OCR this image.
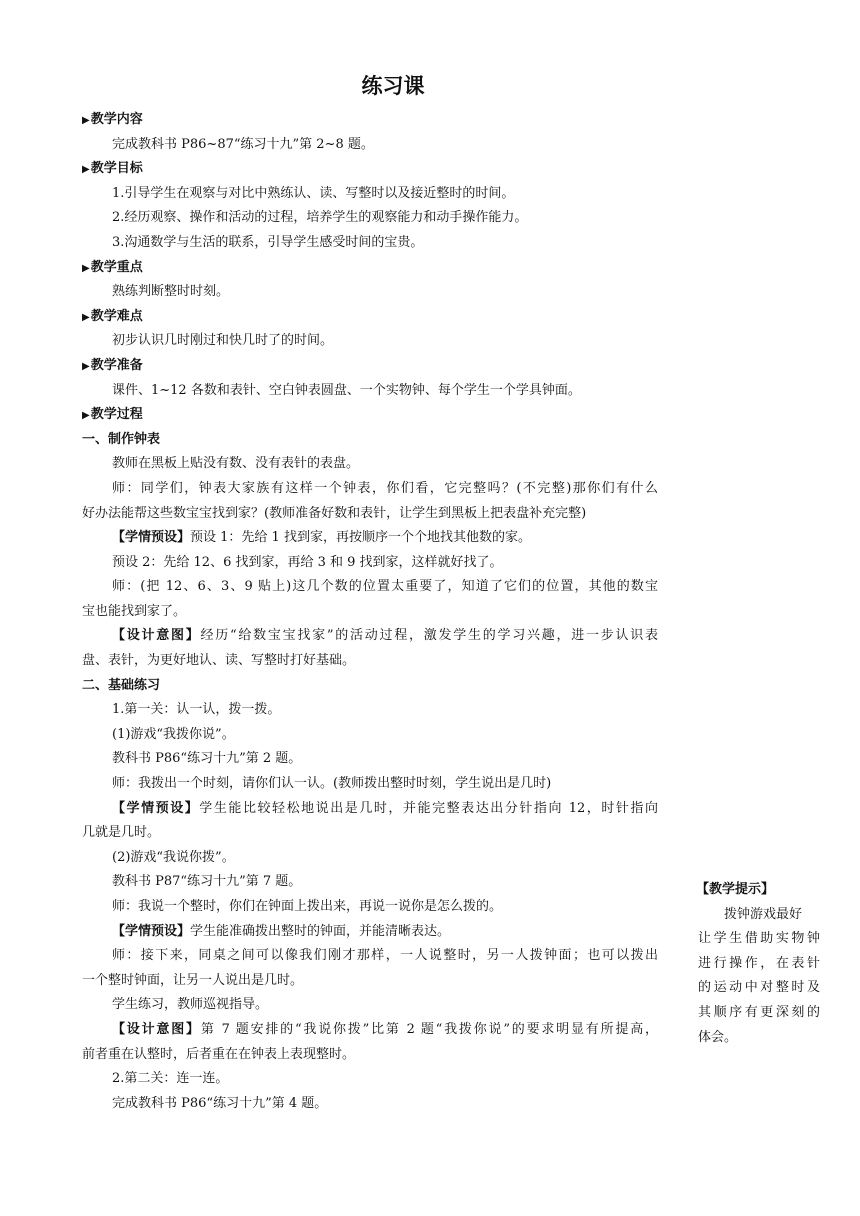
练习课
▶教学内容
完成教科书 P86~87“练习十九”第 2~8 题。
▶教学目标
1.引导学生在观察与对比中熟练认、读、写整时以及接近整时的时间。
2.经历观察、操作和活动的过程，培养学生的观察能力和动手操作能力。
3.沟通数学与生活的联系，引导学生感受时间的宝贵。
▶教学重点
熟练判断整时时刻。
▶教学难点
初步认识几时刚过和快几时了的时间。
▶教学准备
课件、1~12 各数和表针、空白钟表圆盘、一个实物钟、每个学生一个学具钟面。
▶教学过程
一、制作钟表
教师在黑板上贴没有数、没有表针的表盘。
师：同学们，钟表大家族有这样一个钟表，你们看，它完整吗？(不完整)那你们有什么
好办法能帮这些数宝宝找到家？(教师准备好数和表针，让学生到黑板上把表盘补充完整)
【学情预设】预设 1：先给 1 找到家，再按顺序一个个地找其他数的家。
预设 2：先给 12、6 找到家，再给 3 和 9 找到家，这样就好找了。
师：(把 12、6、3、9 贴上)这几个数的位置太重要了，知道了它们的位置，其他的数宝
宝也能找到家了。
【设计意图】经历“给数宝宝找家”的活动过程，激发学生的学习兴趣，进一步认识表
盘、表针，为更好地认、读、写整时打好基础。
二、基础练习
1.第一关：认一认，拨一拨。
(1)游戏“我拨你说”。
教科书 P86“练习十九”第 2 题。
师：我拨出一个时刻，请你们认一认。(教师拨出整时时刻，学生说出是几时)
【学情预设】学生能比较轻松地说出是几时，并能完整表达出分针指向 12，时针指向
几就是几时。
(2)游戏“我说你拨”。
教科书 P87“练习十九”第 7 题。
师：我说一个整时，你们在钟面上拨出来，再说一说你是怎么拨的。
【学情预设】学生能准确拨出整时的钟面，并能清晰表达。
师：接下来，同桌之间可以像我们刚才那样，一人说整时，另一人拨钟面；也可以拨出
一个整时钟面，让另一人说出是几时。
学生练习，教师巡视指导。
【设计意图】第 7 题安排的“我说你拨”比第 2 题“我拨你说”的要求明显有所提高，
前者重在认整时，后者重在在钟表上表现整时。
2.第二关：连一连。
完成教科书 P86“练习十九”第 4 题。
【教学提示】
拨钟游戏最好
让学生借助实物钟
进行操作，在表针
的运动中对整时及
其顺序有更深刻的
体会。
